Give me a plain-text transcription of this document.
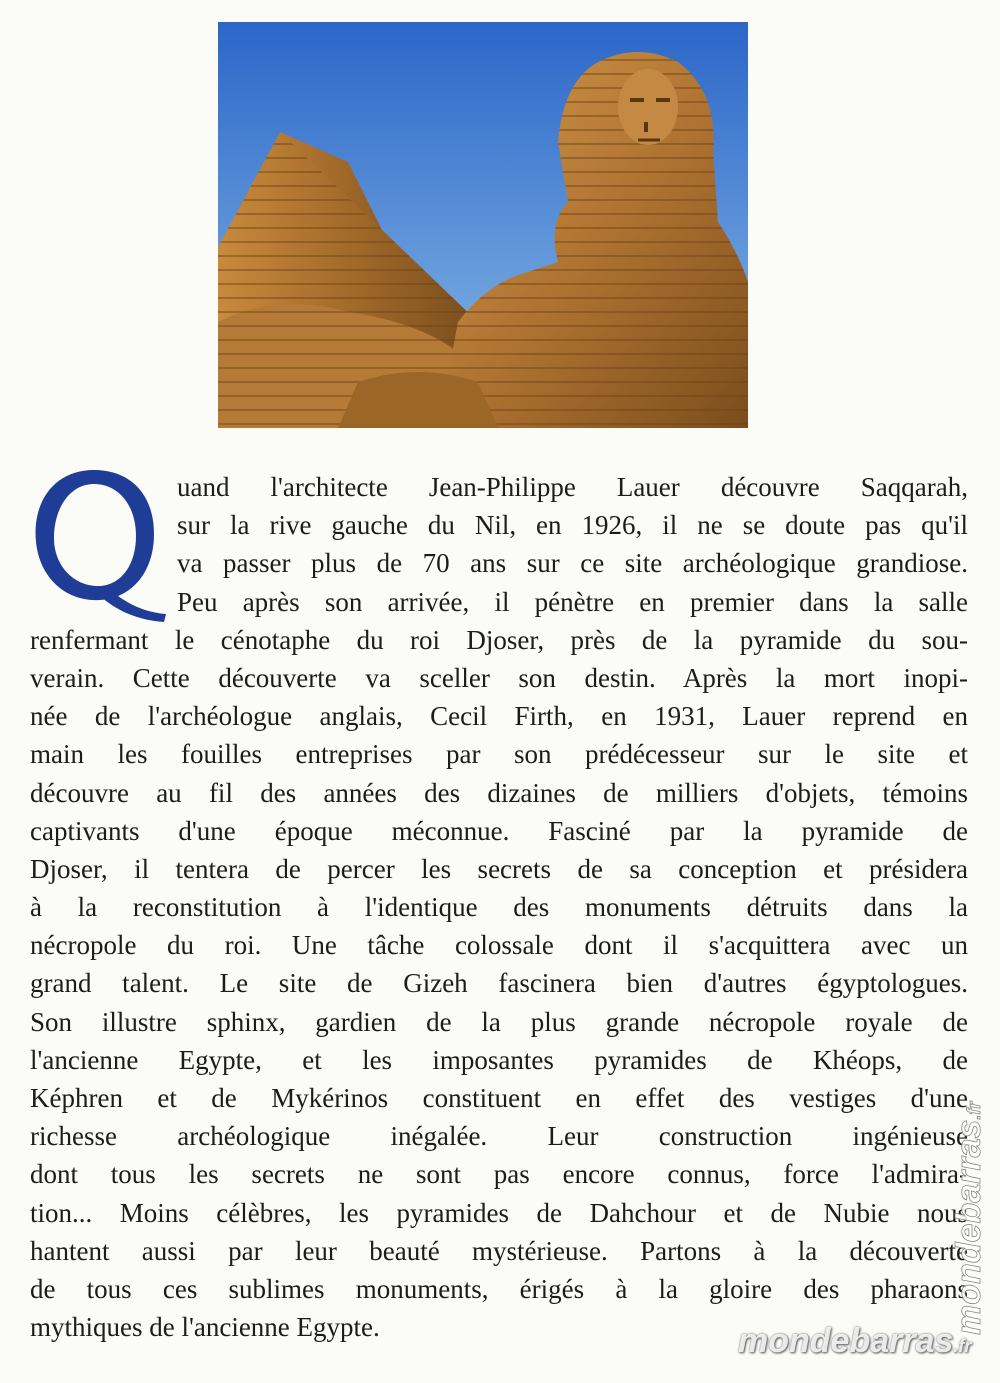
uand l'architecte Jean-Philippe Lauer découvre Saqqarah,
sur la rive gauche du Nil, en 1926, il ne se doute pas qu'il
va passer plus de 70 ans sur ce site archéologique grandiose.
Peu après son arrivée, il pénètre en premier dans la salle
renfermant le cénotaphe du roi Djoser, près de la pyramide du sou-
verain. Cette découverte va sceller son destin. Après la mort inopi-
née de l'archéologue anglais, Cecil Firth, en 1931, Lauer reprend en
main les fouilles entreprises par son prédécesseur sur le site et
découvre au fil des années des dizaines de milliers d'objets, témoins
captivants d'une époque méconnue. Fasciné par la pyramide de
Djoser, il tentera de percer les secrets de sa conception et présidera
à la reconstitution à l'identique des monuments détruits dans la
nécropole du roi. Une tâche colossale dont il s'acquittera avec un
grand talent. Le site de Gizeh fascinera bien d'autres égyptologues.
Son illustre sphinx, gardien de la plus grande nécropole royale de
l'ancienne Egypte, et les imposantes pyramides de Khéops, de
Képhren et de Mykérinos constituent en effet des vestiges d'une
richesse archéologique inégalée. Leur construction ingénieuse
dont tous les secrets ne sont pas encore connus, force l'admira-
tion... Moins célèbres, les pyramides de Dahchour et de Nubie nous
hantent aussi par leur beauté mystérieuse. Partons à la découverte
de tous ces sublimes monuments, érigés à la gloire des pharaons
mythiques de l'ancienne Egypte.	mondebarras.fr
mondebarras.fr
